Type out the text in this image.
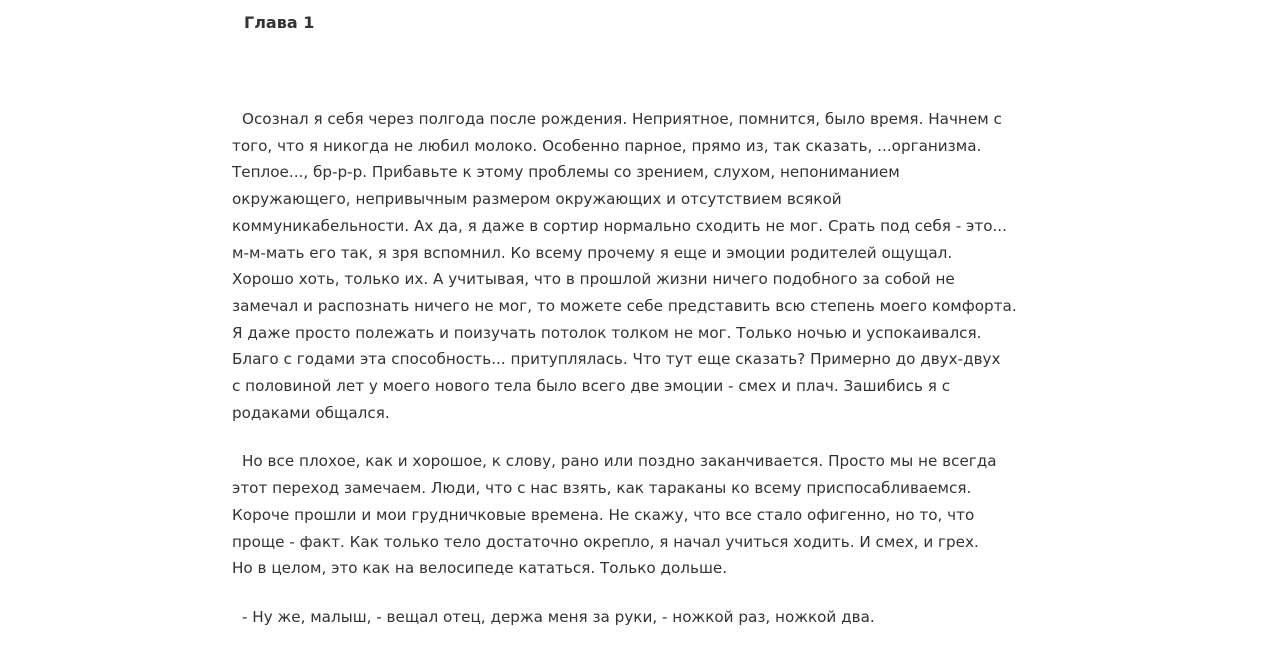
Глава 1

Осознал я себя через полгода после рождения. Неприятное, помнится, было время. Начнем с
того, что я никогда не любил молоко. Особенно парное, прямо из, так сказать, ...организма.
Теплое..., бр-р-р. Прибавьте к этому проблемы со зрением, слухом, непониманием
окружающего, непривычным размером окружающих и отсутствием всякой
коммуникабельности. Ах да, я даже в сортир нормально сходить не мог. Срать под себя - это...
м-м-мать его так, я зря вспомнил. Ко всему прочему я еще и эмоции родителей ощущал.
Хорошо хоть, только их. А учитывая, что в прошлой жизни ничего подобного за собой не
замечал и распознать ничего не мог, то можете себе представить всю степень моего комфорта.
Я даже просто полежать и поизучать потолок толком не мог. Только ночью и успокаивался.
Благо с годами эта способность... притуплялась. Что тут еще сказать? Примерно до двух-двух
с половиной лет у моего нового тела было всего две эмоции - смех и плач. Зашибись я с
родаками общался.

Но все плохое, как и хорошое, к слову, рано или поздно заканчивается. Просто мы не всегда
этот переход замечаем. Люди, что с нас взять, как тараканы ко всему приспосабливаемся.
Короче прошли и мои грудничковые времена. Не скажу, что все стало офигенно, но то, что
проще - факт. Как только тело достаточно окрепло, я начал учиться ходить. И смех, и грех.
Но в целом, это как на велосипеде кататься. Только дольше.

- Ну же, малыш, - вещал отец, держа меня за руки, - ножкой раз, ножкой два.
